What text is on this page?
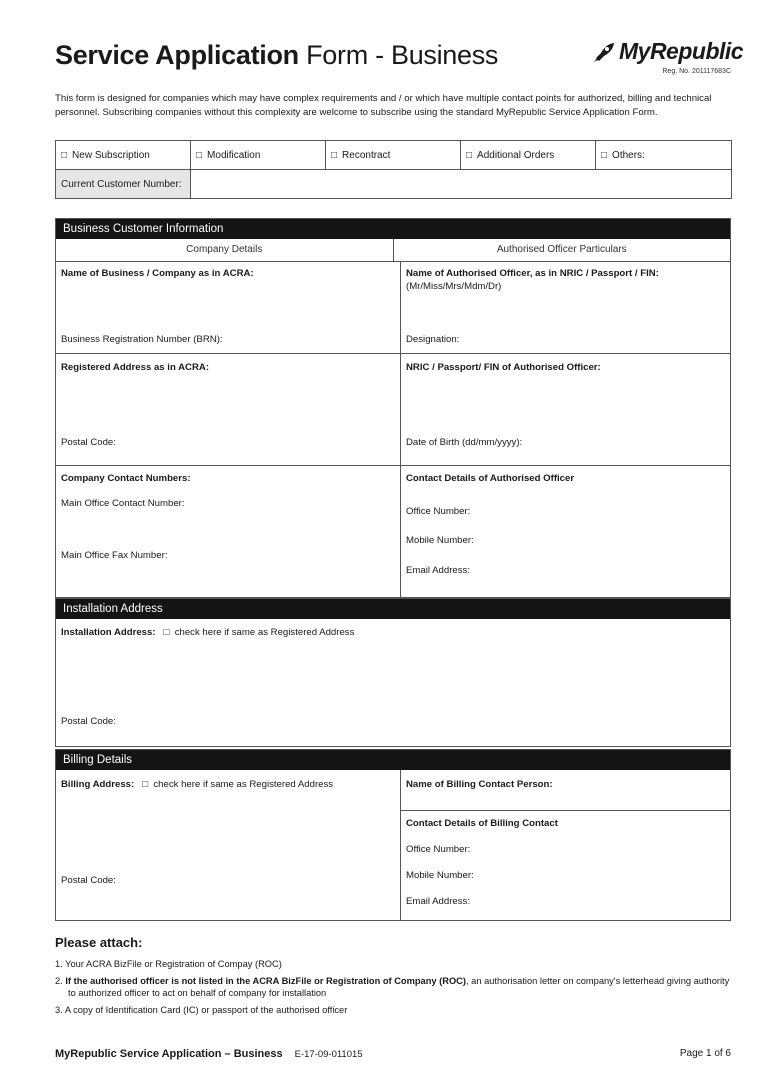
Service Application Form - Business	MyRepublic
Reg. No. 201117683C
This form is designed for companies which may have complex requirements and / or which have multiple contact points for authorized, billing and technical personnel. Subscribing companies without this complexity are welcome to subscribe using the standard MyRepublic Service Application Form.
□ New Subscription	□ Modification	□ Recontract	□ Additional Orders	□ Others:
Current Customer Number:				
Business Customer Information
Company Details	Authorised Officer Particulars
Name of Business / Company as in ACRA:
Business Registration Number (BRN):
Name of Authorised Officer, as in NRIC / Passport / FIN:
(Mr/Miss/Mrs/Mdm/Dr)
Designation:
Registered Address as in ACRA:
Postal Code:
NRIC / Passport/ FIN of Authorised Officer:
Date of Birth (dd/mm/yyyy):
Company Contact Numbers:
Main Office Contact Number:
Main Office Fax Number:
Contact Details of Authorised Officer
Office Number:
Mobile Number:
Email Address:
Installation Address
Installation Address: □ check here if same as Registered Address
Postal Code:
Billing Details
Billing Address: □ check here if same as Registered Address
Postal Code:
Name of Billing Contact Person:
Contact Details of Billing Contact
Office Number:
Mobile Number:
Email Address:
Please attach:
1. Your ACRA BizFile or Registration of Compay (ROC)
2. If the authorised officer is not listed in the ACRA BizFile or Registration of Company (ROC), an authorisation letter on company's letterhead giving authority to authorized officer to act on behalf of company for installation
3. A copy of Identification Card (IC) or passport of the authorised officer
MyRepublic Service Application – Business E-17-09-011015	Page 1 of 6
